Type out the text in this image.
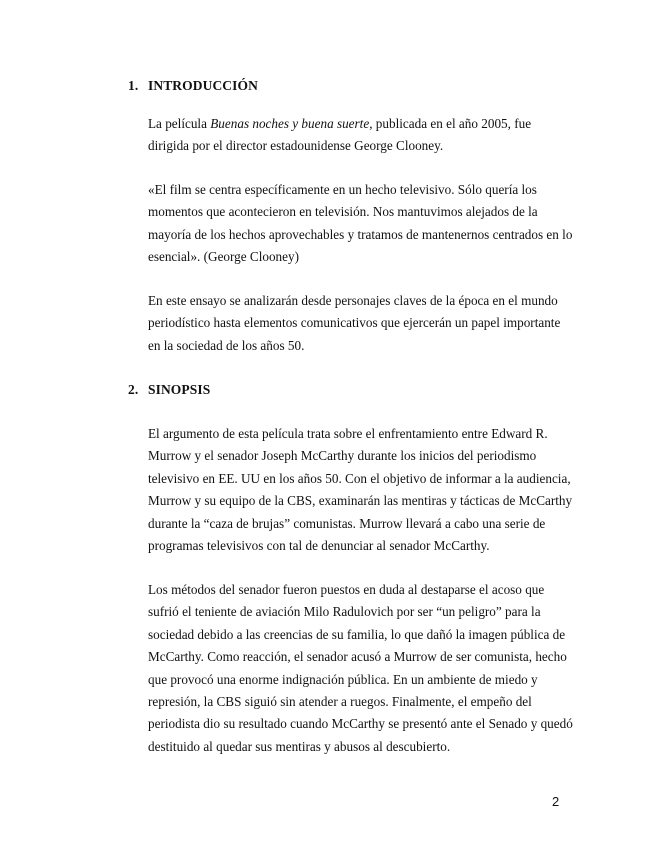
1. INTRODUCCIÓN
La película Buenas noches y buena suerte, publicada en el año 2005, fue
dirigida por el director estadounidense George Clooney.
«El film se centra específicamente en un hecho televisivo. Sólo quería los
momentos que acontecieron en televisión. Nos mantuvimos alejados de la
mayoría de los hechos aprovechables y tratamos de mantenernos centrados en lo
esencial». (George Clooney)
En este ensayo se analizarán desde personajes claves de la época en el mundo
periodístico hasta elementos comunicativos que ejercerán un papel importante
en la sociedad de los años 50.
2. SINOPSIS
El argumento de esta película trata sobre el enfrentamiento entre Edward R.
Murrow y el senador Joseph McCarthy durante los inicios del periodismo
televisivo en EE. UU en los años 50. Con el objetivo de informar a la audiencia,
Murrow y su equipo de la CBS, examinarán las mentiras y tácticas de McCarthy
durante la “caza de brujas” comunistas. Murrow llevará a cabo una serie de
programas televisivos con tal de denunciar al senador McCarthy.
Los métodos del senador fueron puestos en duda al destaparse el acoso que
sufrió el teniente de aviación Milo Radulovich por ser “un peligro” para la
sociedad debido a las creencias de su familia, lo que dañó la imagen pública de
McCarthy. Como reacción, el senador acusó a Murrow de ser comunista, hecho
que provocó una enorme indignación pública. En un ambiente de miedo y
represión, la CBS siguió sin atender a ruegos. Finalmente, el empeño del
periodista dio su resultado cuando McCarthy se presentó ante el Senado y quedó
destituido al quedar sus mentiras y abusos al descubierto.
2
